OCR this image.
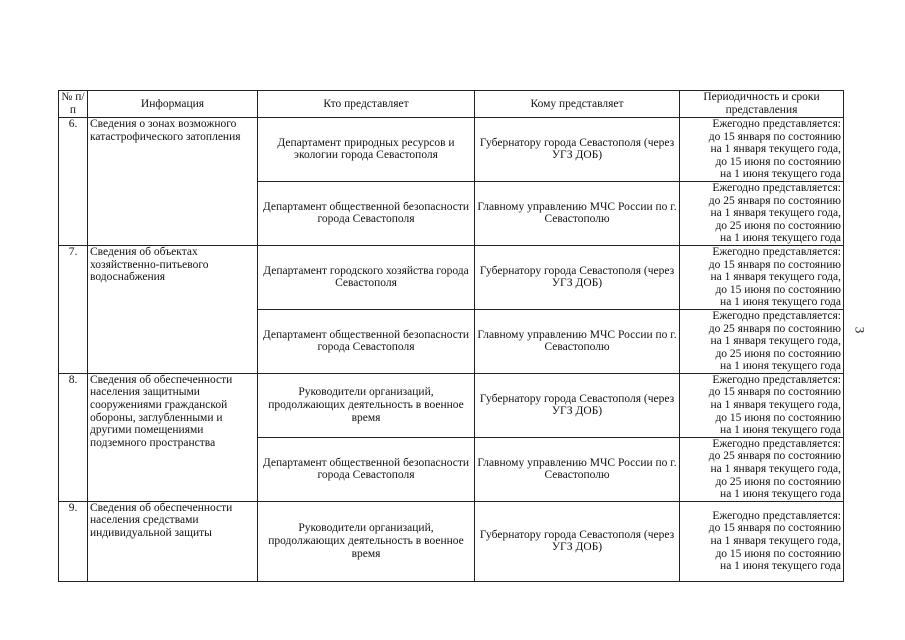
№ п/п	Информация	Кто представляет	Кому представляет	Периодичность и сроки представления
6.	Сведения о зонах возможного катастрофического затопления	Департамент природных ресурсов и экологии города Севастополя	Губернатору города Севастополя (через УГЗ ДОБ)	Ежегодно представляется:
до 15 января по состоянию
на 1 января текущего года,
до 15 июня по состоянию
на 1 июня текущего года

		Департамент общественной безопасности города Севастополя	Главному управлению МЧС России по г. Севастополю	Ежегодно представляется:
до 25 января по состоянию
на 1 января текущего года,
до 25 июня по состоянию
на 1 июня текущего года

7.	Сведения об объектах хозяйственно-питьевого водоснабжения	Департамент городского хозяйства города Севастополя	Губернатору города Севастополя (через УГЗ ДОБ)	Ежегодно представляется:
до 15 января по состоянию
на 1 января текущего года,
до 15 июня по состоянию
на 1 июня текущего года

		Департамент общественной безопасности города Севастополя	Главному управлению МЧС России по г. Севастополю	Ежегодно представляется:
до 25 января по состоянию
на 1 января текущего года,
до 25 июня по состоянию
на 1 июня текущего года

8.	Сведения об обеспеченности населения защитными сооружениями гражданской обороны, заглубленными и другими помещениями подземного пространства	Руководители организаций, продолжающих деятельность в военное время	Губернатору города Севастополя (через УГЗ ДОБ)	Ежегодно представляется:
до 15 января по состоянию
на 1 января текущего года,
до 15 июня по состоянию
на 1 июня текущего года

		Департамент общественной безопасности города Севастополя	Главному управлению МЧС России по г. Севастополю	Ежегодно представляется:
до 25 января по состоянию
на 1 января текущего года,
до 25 июня по состоянию
на 1 июня текущего года

9.	Сведения об обеспеченности населения средствами индивидуальной защиты	Руководители организаций, продолжающих деятельность в военное время	Губернатору города Севастополя (через УГЗ ДОБ)	Ежегодно представляется:
до 15 января по состоянию
на 1 января текущего года,
до 15 июня по состоянию
на 1 июня текущего года
3
